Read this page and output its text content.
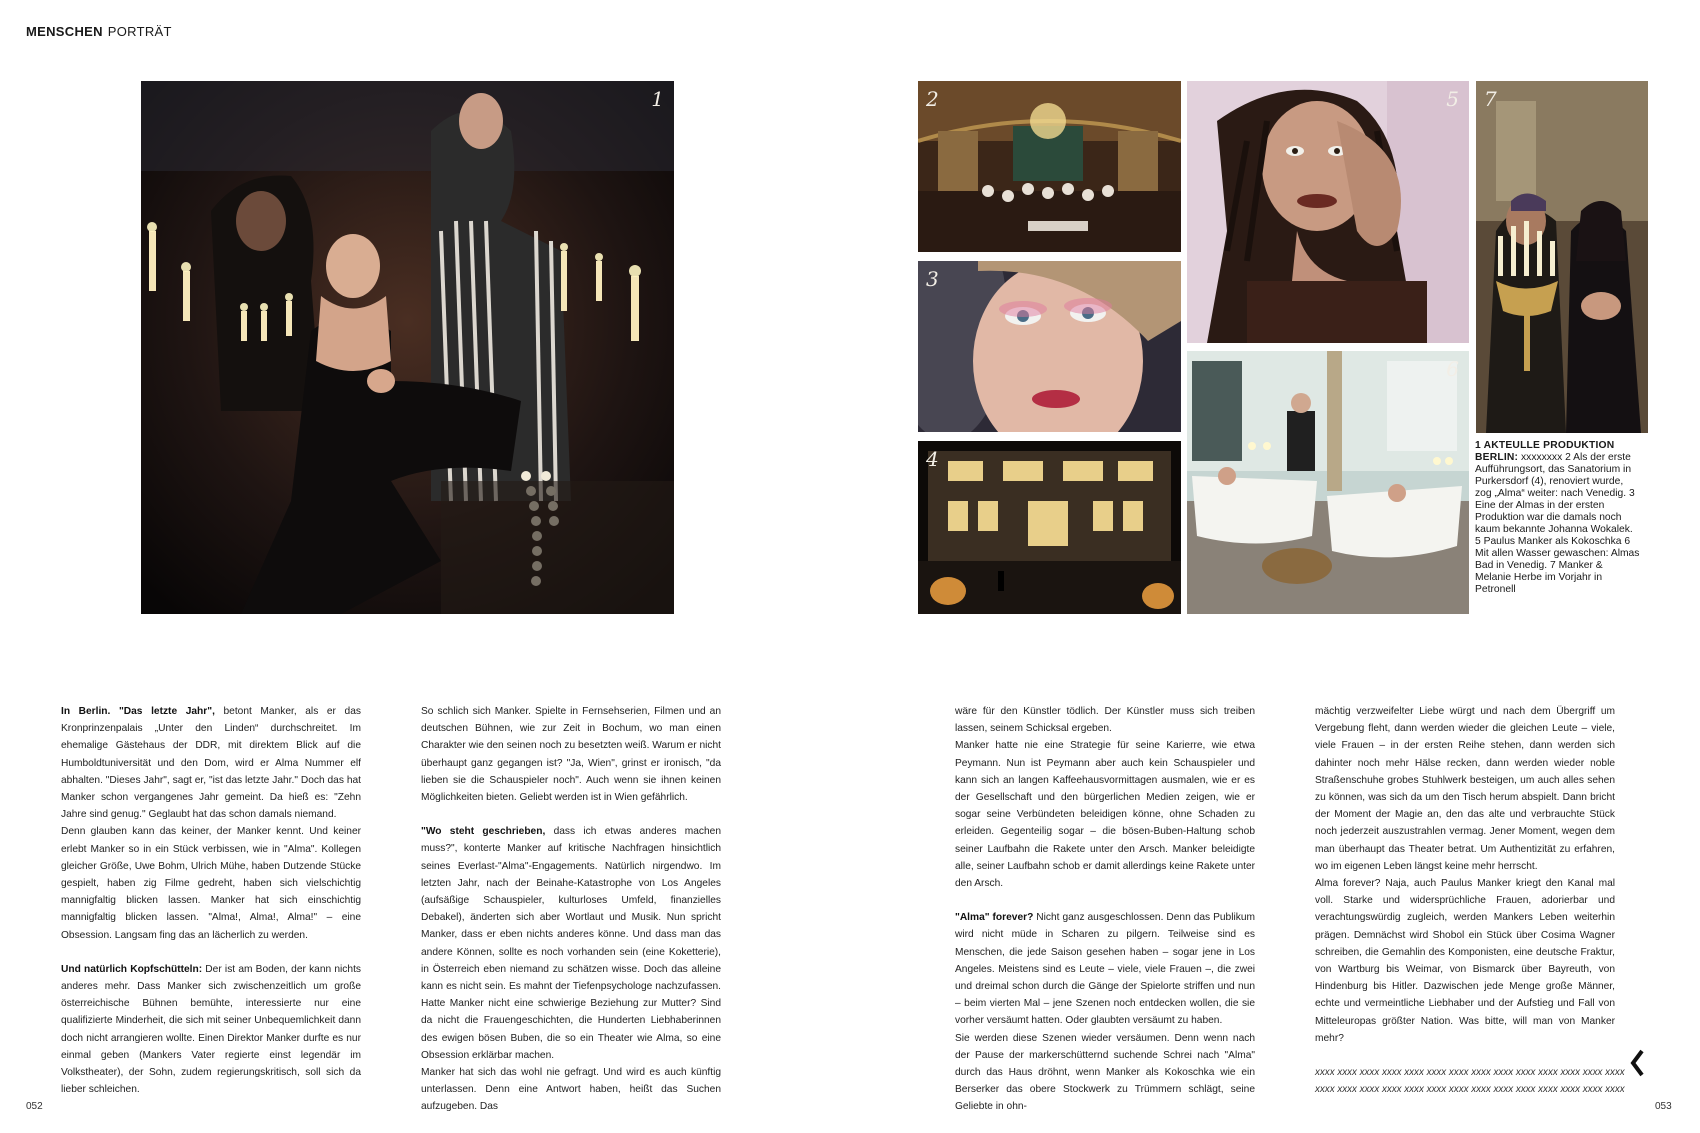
MENSCHEN PORTRÄT
1	2
3
4
5
6
7
1 AKTEULLE PRODUKTION BERLIN: xxxxxxxx 2 Als der erste Aufführungsort, das Sanatorium in Purkersdorf (4), renoviert wurde, zog „Alma“ weiter: nach Venedig. 3 Eine der Almas in der ersten Produktion war die damals noch kaum bekannte Johanna Wokalek. 5 Paulus Manker als Kokoschka 6 Mit allen Wasser gewaschen: Almas Bad in Venedig. 7 Manker & Melanie Herbe im Vorjahr in Petronell

In Berlin. "Das letzte Jahr", betont Manker, als er das Kronprinzenpalais „Unter den Linden“ durchschreitet. Im ehemalige Gästehaus der DDR, mit direktem Blick auf die Humboldtuniversität und den Dom, wird er Alma Nummer elf abhalten. "Dieses Jahr", sagt er, "ist das letzte Jahr." Doch das hat Manker schon vergangenes Jahr gemeint. Da hieß es: "Zehn Jahre sind genug." Geglaubt hat das schon damals niemand.

Denn glauben kann das keiner, der Manker kennt. Und keiner erlebt Manker so in ein Stück verbissen, wie in "Alma". Kollegen gleicher Größe, Uwe Bohm, Ulrich Mühe, haben Dutzende Stücke gespielt, haben zig Filme gedreht, haben sich vielschichtig mannigfaltig blicken lassen. Manker hat sich einschichtig mannigfaltig blicken lassen. "Alma!, Alma!, Alma!" – eine Obsession. Langsam fing das an lächerlich zu werden.

Und natürlich Kopfschütteln: Der ist am Boden, der kann nichts anderes mehr. Dass Manker sich zwischenzeitlich um große österreichische Bühnen bemühte, interessierte nur eine qualifizierte Minderheit, die sich mit seiner Unbequemlichkeit dann doch nicht arrangieren wollte. Einen Direktor Manker durfte es nur einmal geben (Mankers Vater regierte einst legendär im Volkstheater), der Sohn, zudem regierungskritisch, soll sich da lieber schleichen.

So schlich sich Manker. Spielte in Fernsehserien, Filmen und an deutschen Bühnen, wie zur Zeit in Bochum, wo man einen Charakter wie den seinen noch zu besetzten weiß. Warum er nicht überhaupt ganz gegangen ist? "Ja, Wien", grinst er ironisch, "da lieben sie die Schauspieler noch". Auch wenn sie ihnen keinen Möglichkeiten bieten. Geliebt werden ist in Wien gefährlich.

"Wo steht geschrieben, dass ich etwas anderes machen muss?", konterte Manker auf kritische Nachfragen hinsichtlich seines Everlast-"Alma"-Engagements. Natürlich nirgendwo. Im letzten Jahr, nach der Beinahe-Katastrophe von Los Angeles (aufsäßige Schauspieler, kulturloses Umfeld, finanzielles Debakel), änderten sich aber Wortlaut und Musik. Nun spricht Manker, dass er eben nichts anderes könne. Und dass man das andere Können, sollte es noch vorhanden sein (eine Koketterie), in Österreich eben niemand zu schätzen wisse. Doch das alleine kann es nicht sein. Es mahnt der Tiefenpsychologe nachzufassen. Hatte Manker nicht eine schwierige Beziehung zur Mutter? Sind da nicht die Frauengeschichten, die Hunderten Liebhaberinnen des ewigen bösen Buben, die so ein Theater wie Alma, so eine Obsession erklärbar machen.

Manker hat sich das wohl nie gefragt. Und wird es auch künftig unterlassen. Denn eine Antwort haben, heißt das Suchen aufzugeben. Das

wäre für den Künstler tödlich. Der Künstler muss sich treiben lassen, seinem Schicksal ergeben.

Manker hatte nie eine Strategie für seine Karierre, wie etwa Peymann. Nun ist Peymann aber auch kein Schauspieler und kann sich an langen Kaffeehausvormittagen ausmalen, wie er es der Gesellschaft und den bürgerlichen Medien zeigen, wie er sogar seine Verbündeten beleidigen könne, ohne Schaden zu erleiden. Gegenteilig sogar – die bösen-Buben-Haltung schob seiner Laufbahn die Rakete unter den Arsch. Manker beleidigte alle, seiner Laufbahn schob er damit allerdings keine Rakete unter den Arsch.

"Alma" forever? Nicht ganz ausgeschlossen. Denn das Publikum wird nicht müde in Scharen zu pilgern. Teilweise sind es Menschen, die jede Saison gesehen haben – sogar jene in Los Angeles. Meistens sind es Leute – viele, viele Frauen –, die zwei und dreimal schon durch die Gänge der Spielorte striffen und nun – beim vierten Mal – jene Szenen noch entdecken wollen, die sie vorher versäumt hatten. Oder glaubten versäumt zu haben.

Sie werden diese Szenen wieder versäumen. Denn wenn nach der Pause der markerschütternd suchende Schrei nach "Alma" durch das Haus dröhnt, wenn Manker als Kokoschka wie ein Berserker das obere Stockwerk zu Trümmern schlägt, seine Geliebte in ohn-

mächtig verzweifelter Liebe würgt und nach dem Übergriff um Vergebung fleht, dann werden wieder die gleichen Leute – viele, viele Frauen – in der ersten Reihe stehen, dann werden sich dahinter noch mehr Hälse recken, dann werden wieder noble Straßenschuhe grobes Stuhlwerk besteigen, um auch alles sehen zu können, was sich da um den Tisch herum abspielt. Dann bricht der Moment der Magie an, den das alte und verbrauchte Stück noch jederzeit auszustrahlen vermag. Jener Moment, wegen dem man überhaupt das Theater betrat. Um Authentizität zu erfahren, wo im eigenen Leben längst keine mehr herrscht.

Alma forever? Naja, auch Paulus Manker kriegt den Kanal mal voll. Starke und widersprüchliche Frauen, adorierbar und verachtungswürdig zugleich, werden Mankers Leben weiterhin prägen. Demnächst wird Shobol ein Stück über Cosima Wagner schreiben, die Gemahlin des Komponisten, eine deutsche Fraktur, von Wartburg bis Weimar, von Bismarck über Bayreuth, von Hindenburg bis Hitler. Dazwischen jede Menge große Männer, echte und vermeintliche Liebhaber und der Aufstieg und Fall von Mitteleuropas größter Nation. Was bitte, will man von Manker mehr?

xxxx xxxx xxxx xxxx xxxx xxxx xxxx xxxx xxxx xxxx xxxx xxxx xxxx xxxx

xxxx xxxx xxxx xxxx xxxx xxxx xxxx xxxx xxxx xxxx xxxx xxxx xxxx xxxx

052	053
